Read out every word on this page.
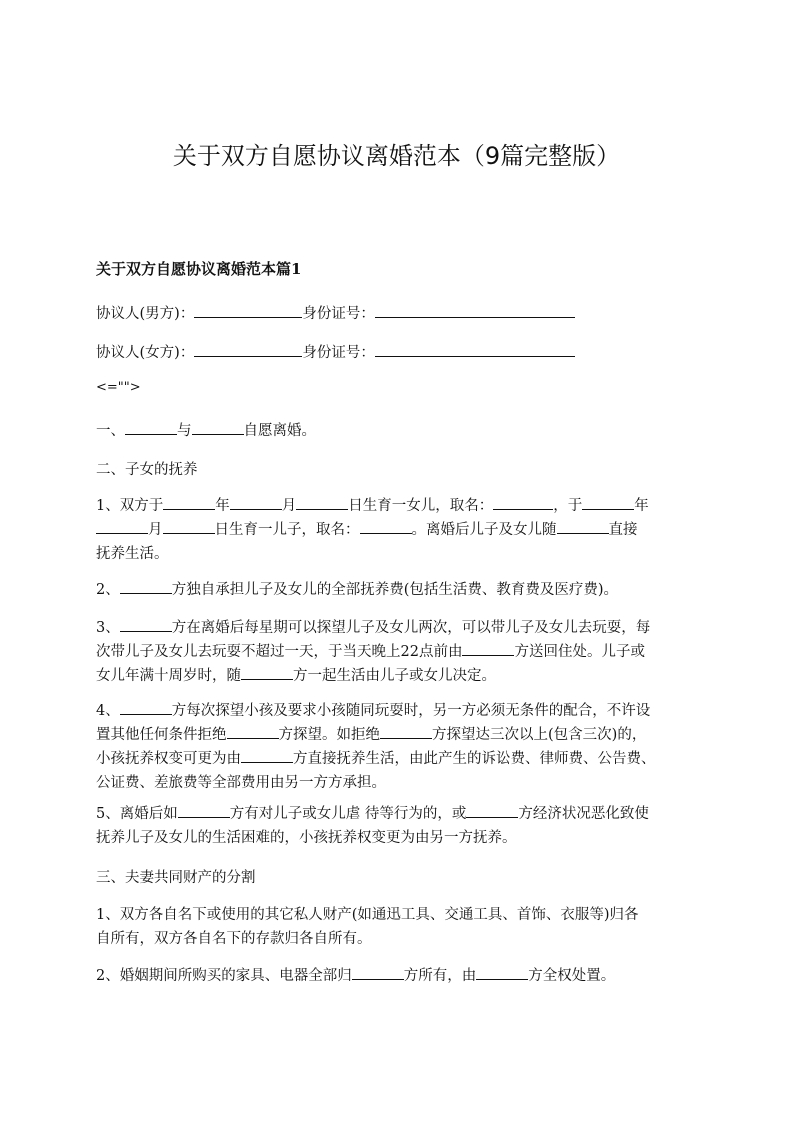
关于双方自愿协议离婚范本（9篇完整版）
关于双方自愿协议离婚范本篇1

协议人(男方)：	身份证号：

协议人(女方)：	身份证号：

<="">

一、	与	自愿离婚。

二、子女的抚养

1、双方于	年	月	日生育一女儿，取名：	，于	年
月	日生育一儿子，取名：	。离婚后儿子及女儿随	直接
抚养生活。

2、	方独自承担儿子及女儿的全部抚养费(包括生活费、教育费及医疗费)。

3、	方在离婚后每星期可以探望儿子及女儿两次，可以带儿子及女儿去玩耍，每
次带儿子及女儿去玩耍不超过一天，于当天晚上22点前由	方送回住处。儿子或
女儿年满十周岁时，随	方一起生活由儿子或女儿决定。

4、	方每次探望小孩及要求小孩随同玩耍时，另一方必须无条件的配合，不许设
置其他任何条件拒绝	方探望。如拒绝	方探望达三次以上(包含三次)的，
小孩抚养权变可更为由	方直接抚养生活，由此产生的诉讼费、律师费、公告费、
公证费、差旅费等全部费用由另一方方承担。

5、离婚后如	方有对儿子或女儿虐 待等行为的，或	方经济状况恶化致使
抚养儿子及女儿的生活困难的，小孩抚养权变更为由另一方抚养。

三、夫妻共同财产的分割

1、双方各自名下或使用的其它私人财产(如通迅工具、交通工具、首饰、衣服等)归各
自所有，双方各自名下的存款归各自所有。

2、婚姻期间所购买的家具、电器全部归	方所有，由	方全权处置。
